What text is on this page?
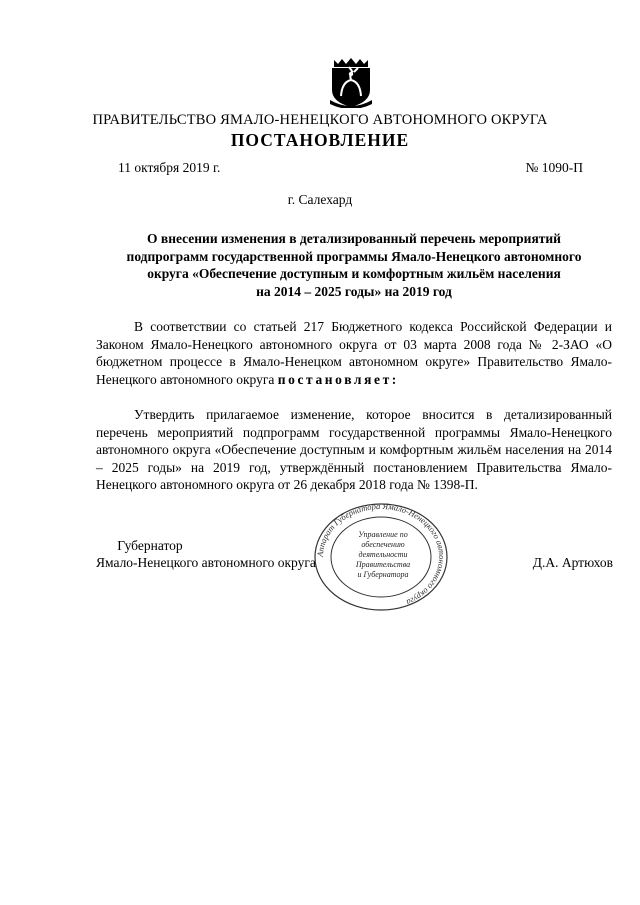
ПРАВИТЕЛЬСТВО ЯМАЛО-НЕНЕЦКОГО АВТОНОМНОГО ОКРУГА
ПОСТАНОВЛЕНИЕ
11 октября 2019 г.	№ 1090-П
г. Салехард
О внесении изменения в детализированный перечень мероприятий
подпрограмм государственной программы Ямало-Ненецкого автономного
округа «Обеспечение доступным и комфортным жильём населения
на 2014 – 2025 годы» на 2019 год
В соответствии со статьей 217 Бюджетного кодекса Российской Федерации и Законом Ямало-Ненецкого автономного округа от 03 марта 2008 года № 2-ЗАО «О бюджетном процессе в Ямало-Ненецком автономном округе» Правительство Ямало-Ненецкого автономного округа постановляет:
Утвердить прилагаемое изменение, которое вносится в детализированный перечень мероприятий подпрограмм государственной программы Ямало-Ненецкого автономного округа «Обеспечение доступным и комфортным жильём населения на 2014 – 2025 годы» на 2019 год, утверждённый постановлением Правительства Ямало-Ненецкого автономного округа от 26 декабря 2018 года № 1398-П.
Аппарат Губернатора Ямало-Ненецкого автономного округа
Управление по
обеспечению
деятельности
Правительства
и Губернатора
Губернатор
Ямало-Ненецкого автономного округа	Д.А. Артюхов
